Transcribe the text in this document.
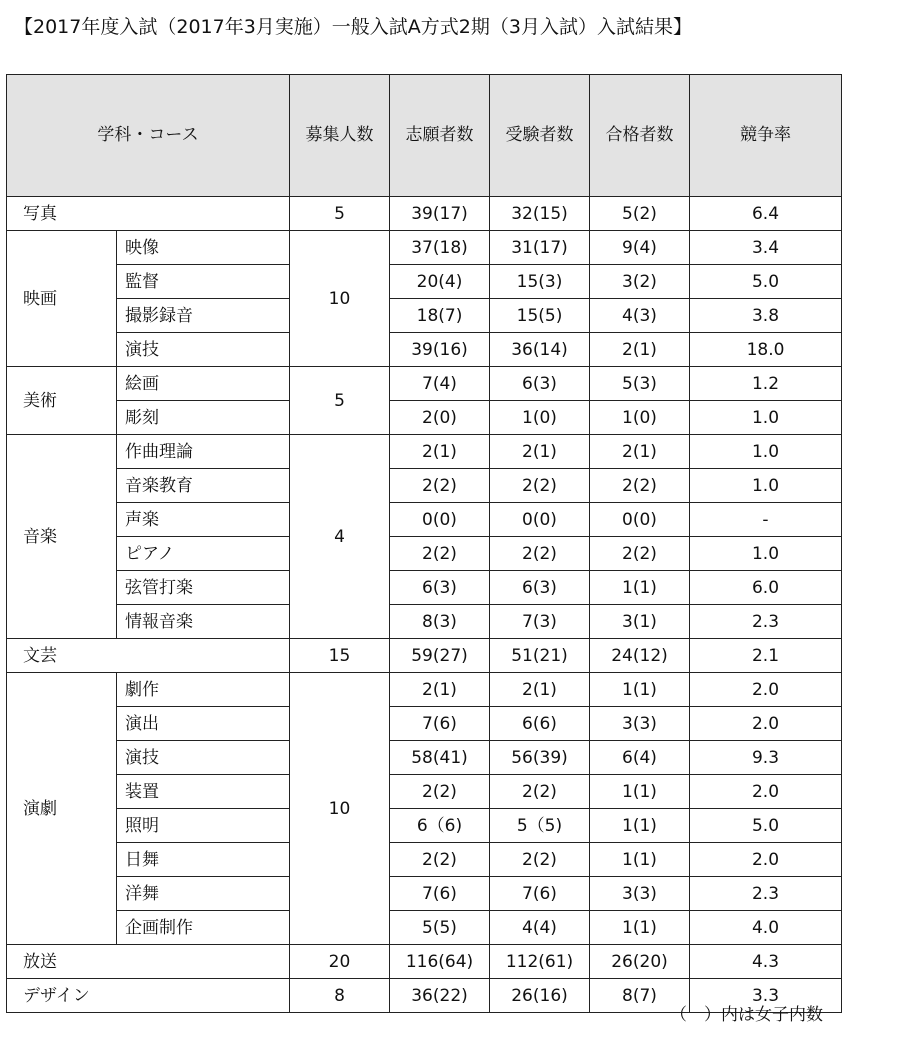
【2017年度入試（2017年3月実施）一般入試A方式2期（3月入試）入試結果】
学科・コース		募集人数	志願者数	受験者数	合格者数	競争率
写真		5	39(17)	32(15)	5(2)	6.4
映画	映像	10	37(18)	31(17)	9(4)	3.4
	監督		20(4)	15(3)	3(2)	5.0
	撮影録音		18(7)	15(5)	4(3)	3.8
	演技		39(16)	36(14)	2(1)	18.0
美術	絵画	5	7(4)	6(3)	5(3)	1.2
	彫刻		2(0)	1(0)	1(0)	1.0
音楽	作曲理論	4	2(1)	2(1)	2(1)	1.0
	音楽教育		2(2)	2(2)	2(2)	1.0
	声楽		0(0)	0(0)	0(0)	-
	ピアノ		2(2)	2(2)	2(2)	1.0
	弦管打楽		6(3)	6(3)	1(1)	6.0
	情報音楽		8(3)	7(3)	3(1)	2.3
文芸		15	59(27)	51(21)	24(12)	2.1
演劇	劇作	10	2(1)	2(1)	1(1)	2.0
	演出		7(6)	6(6)	3(3)	2.0
	演技		58(41)	56(39)	6(4)	9.3
	装置		2(2)	2(2)	1(1)	2.0
	照明		6（6)	5（5)	1(1)	5.0
	日舞		2(2)	2(2)	1(1)	2.0
	洋舞		7(6)	7(6)	3(3)	2.3
	企画制作		5(5)	4(4)	1(1)	4.0
放送		20	116(64)	112(61)	26(20)	4.3
デザイン		8	36(22)	26(16)	8(7)	3.3
（　）内は女子内数
